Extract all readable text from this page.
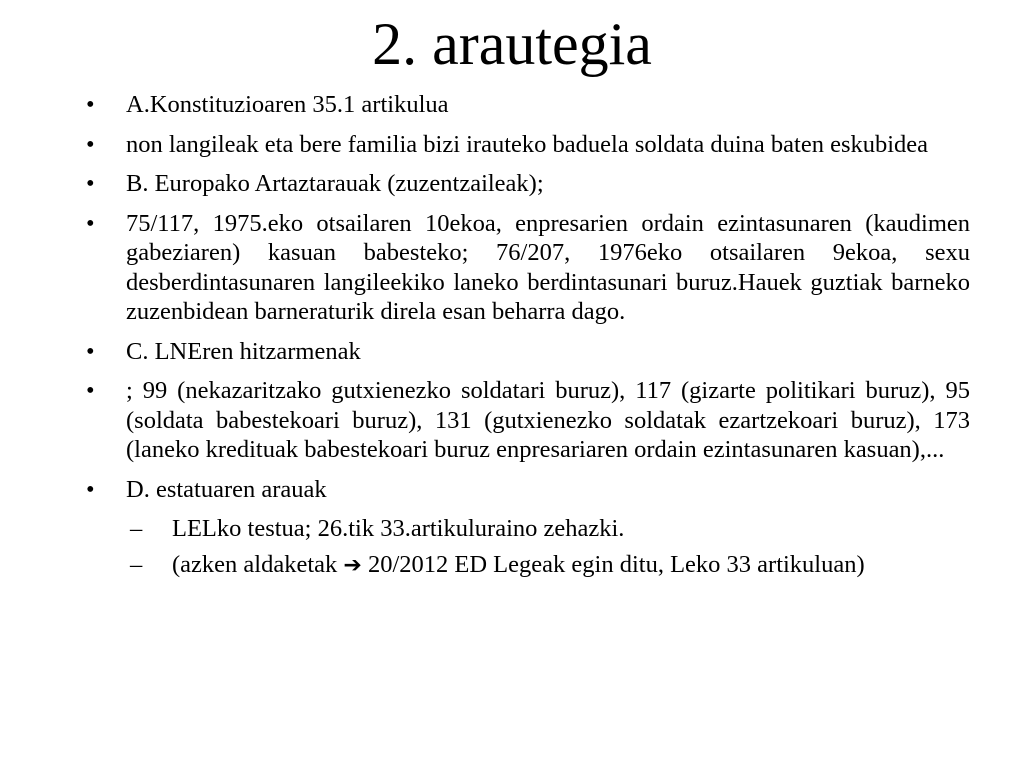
2. arautegia
•	A.Konstituzioaren 35.1 artikulua
•	non langileak eta bere familia bizi irauteko baduela soldata duina baten eskubidea
•	B. Europako Artaztarauak (zuzentzaileak);
•	75/117, 1975.eko otsailaren 10ekoa, enpresarien ordain ezintasunaren (kaudimen gabeziaren) kasuan babesteko; 76/207, 1976eko otsailaren 9ekoa, sexu desberdintasunaren langileekiko laneko berdintasunari buruz.Hauek guztiak barneko zuzenbidean barneraturik direla esan beharra dago.
•	C. LNEren hitzarmenak
•	; 99 (nekazaritzako gutxienezko soldatari buruz), 117 (gizarte politikari buruz), 95 (soldata babestekoari buruz), 131 (gutxienezko soldatak ezartzekoari buruz), 173 (laneko kredituak babestekoari buruz enpresariaren ordain ezintasunaren kasuan),...
•	D. estatuaren arauak
– LELko testua; 26.tik 33.artikuluraino zehazki.
– (azken aldaketak ➔ 20/2012 ED Legeak egin ditu, Leko 33 artikuluan)
